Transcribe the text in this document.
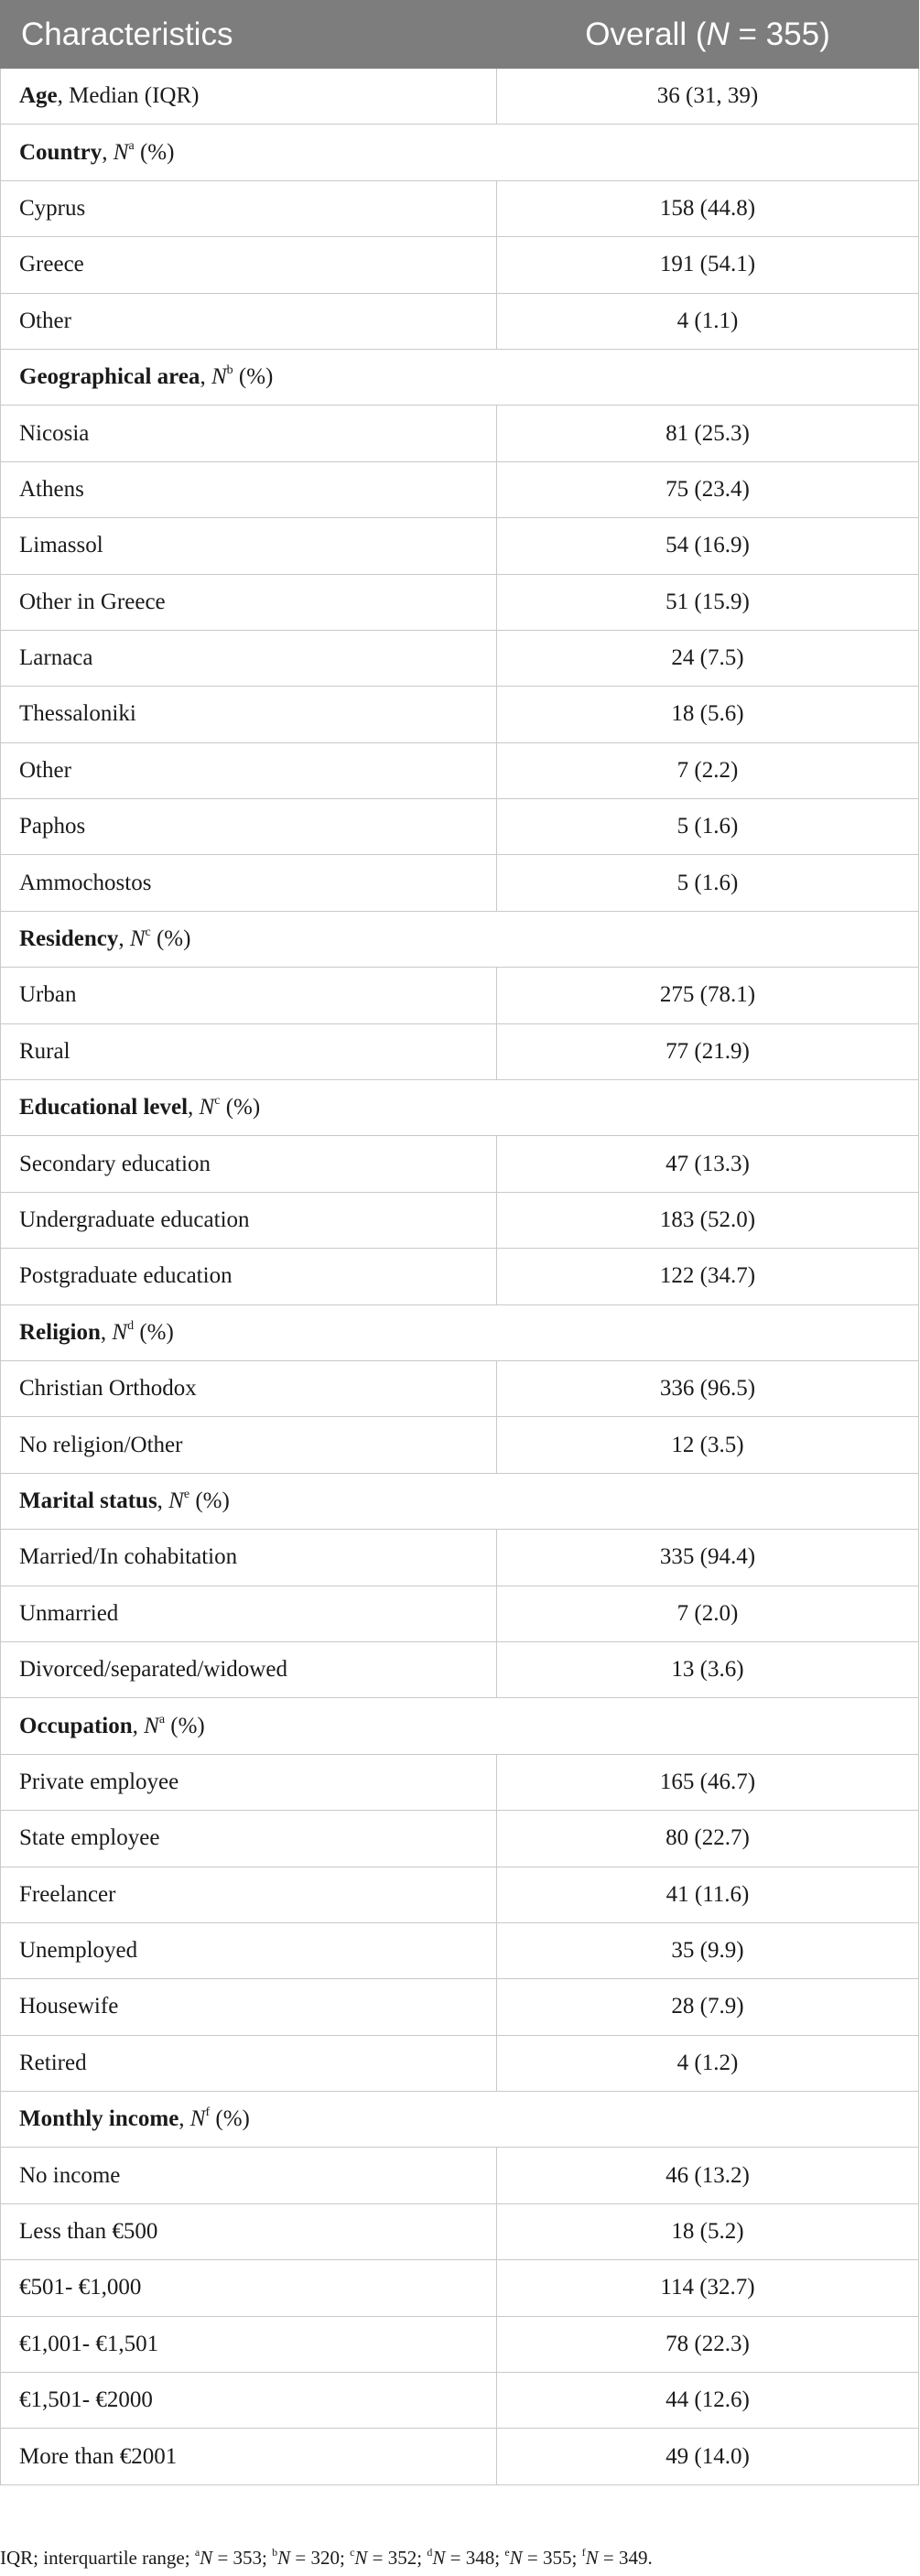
Characteristics	Overall (N = 355)
Age, Median (IQR)	36 (31, 39)
Country, $N^a$ (%)	
Cyprus	158 (44.8)
Greece	191 (54.1)
Other	4 (1.1)
Geographical area, $N^b$ (%)	
Nicosia	81 (25.3)
Athens	75 (23.4)
Limassol	54 (16.9)
Other in Greece	51 (15.9)
Larnaca	24 (7.5)
Thessaloniki	18 (5.6)
Other	7 (2.2)
Paphos	5 (1.6)
Ammochostos	5 (1.6)
Residency, $N^c$ (%)	
Urban	275 (78.1)
Rural	77 (21.9)
Educational level, $N^c$ (%)	
Secondary education	47 (13.3)
Undergraduate education	183 (52.0)
Postgraduate education	122 (34.7)
Religion, $N^d$ (%)	
Christian Orthodox	336 (96.5)
No religion/Other	12 (3.5)
Marital status, $N^e$ (%)	
Married/In cohabitation	335 (94.4)
Unmarried	7 (2.0)
Divorced/separated/widowed	13 (3.6)
Occupation, $N^a$ (%)	
Private employee	165 (46.7)
State employee	80 (22.7)
Freelancer	41 (11.6)
Unemployed	35 (9.9)
Housewife	28 (7.9)
Retired	4 (1.2)
Monthly income, $N^f$ (%)	
No income	46 (13.2)
Less than €500	18 (5.2)
€501- €1,000	114 (32.7)
€1,001- €1,501	78 (22.3)
€1,501- €2000	44 (12.6)
More than €2001	49 (14.0)
IQR; interquartile range; $^a$N = 353; $^b$N = 320; $^c$N = 352; $^d$N = 348; $^e$N = 355; $^f$N = 349.
